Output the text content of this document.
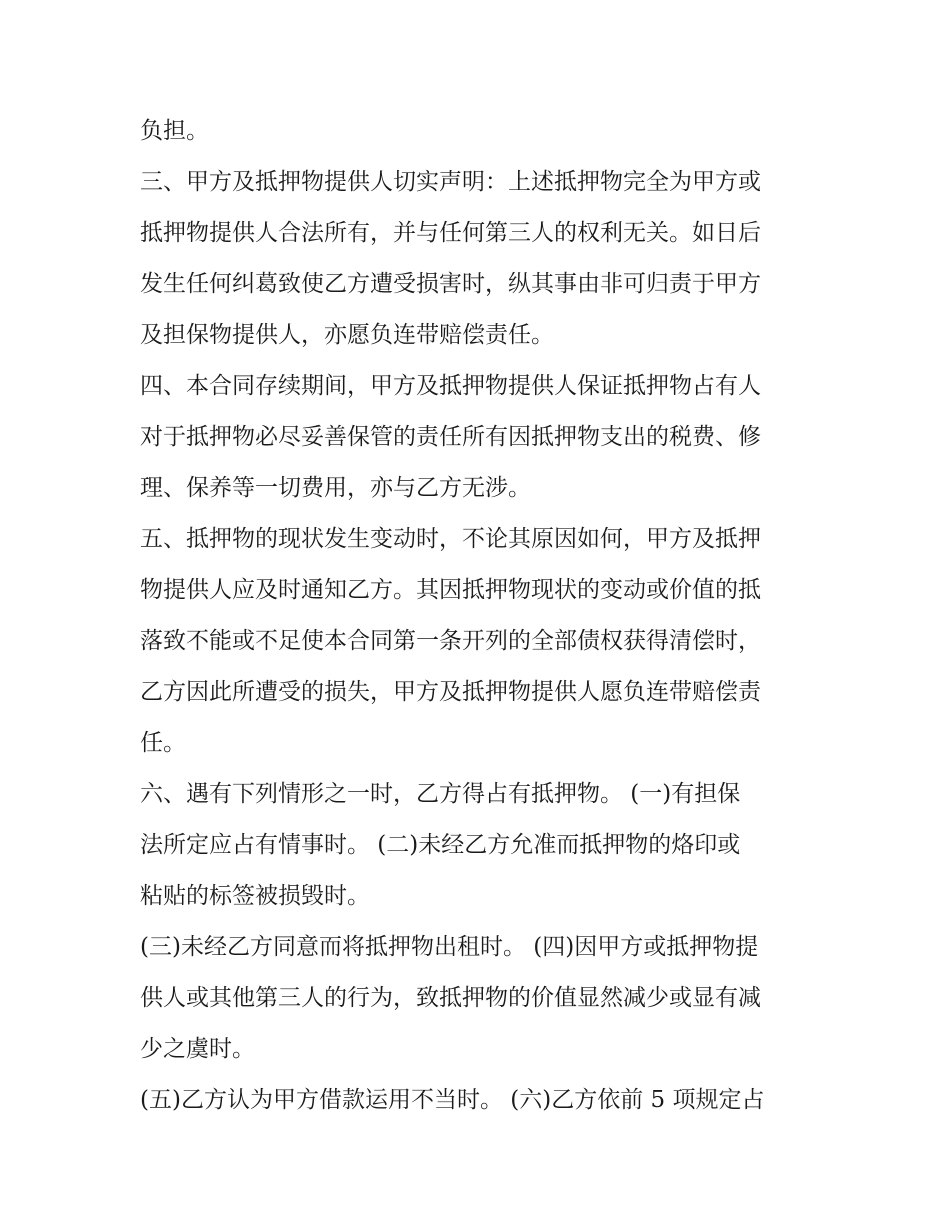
负担。
三、甲方及抵押物提供人切实声明：上述抵押物完全为甲方或
抵押物提供人合法所有，并与任何第三人的权利无关。如日后
发生任何纠葛致使乙方遭受损害时，纵其事由非可归责于甲方
及担保物提供人，亦愿负连带赔偿责任。
四、本合同存续期间，甲方及抵押物提供人保证抵押物占有人
对于抵押物必尽妥善保管的责任所有因抵押物支出的税费、修
理、保养等一切费用，亦与乙方无涉。
五、抵押物的现状发生变动时，不论其原因如何，甲方及抵押
物提供人应及时通知乙方。其因抵押物现状的变动或价值的抵
落致不能或不足使本合同第一条开列的全部债权获得清偿时，
乙方因此所遭受的损失，甲方及抵押物提供人愿负连带赔偿责
任。
六、遇有下列情形之一时，乙方得占有抵押物。 (一)有担保
法所定应占有情事时。 (二)未经乙方允准而抵押物的烙印或
粘贴的标签被损毁时。
(三)未经乙方同意而将抵押物出租时。 (四)因甲方或抵押物提
供人或其他第三人的行为，致抵押物的价值显然减少或显有减
少之虞时。
(五)乙方认为甲方借款运用不当时。 (六)乙方依前 5 项规定占
